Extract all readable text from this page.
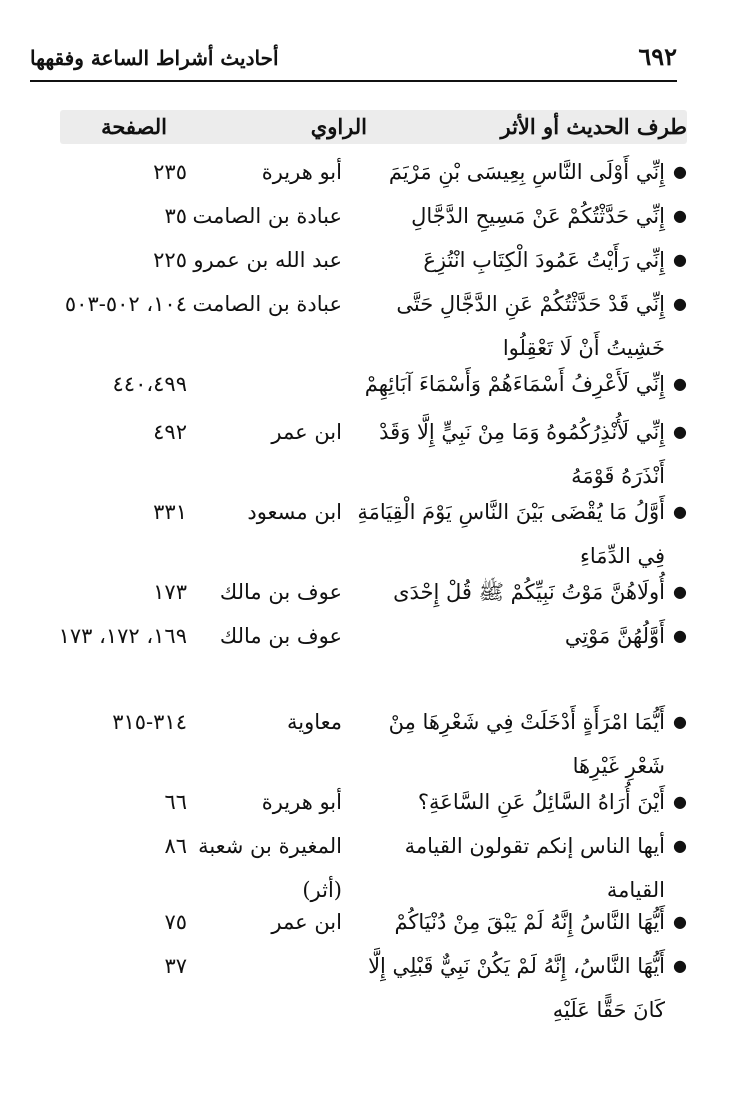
٦٩٢
أحاديث أشراط الساعة وفقهها
طرف الحديث أو الأثر
الراوي
الصفحة
●
إِنِّي أَوْلَى النَّاسِ بِعِيسَى بْنِ مَرْيَمَ
أبو هريرة
٢٣٥
●
إِنِّي حَدَّثْتُكُمْ عَنْ مَسِيحِ الدَّجَّالِ
عبادة بن الصامت
٣٥
●
إِنِّي رَأَيْتُ عَمُودَ الْكِتَابِ انْتُزِعَ
عبد الله بن عمرو
٢٢٥
●
إِنِّي قَدْ حَدَّثْتُكُمْ عَنِ الدَّجَّالِ حَتَّى خَشِيتُ أَنْ لَا تَعْقِلُوا
عبادة بن الصامت
١٠٤، ٥٠٢-٥٠٣
●
إِنِّي لَأَعْرِفُ أَسْمَاءَهُمْ وَأَسْمَاءَ آبَائِهِمْ
٤٤٠،٤٩٩
●
إِنِّي لَأُنْذِرُكُمُوهُ وَمَا مِنْ نَبِيٍّ إِلَّا وَقَدْ أَنْذَرَهُ قَوْمَهُ
ابن عمر
٤٩٢
●
أَوَّلُ مَا يُقْضَى بَيْنَ النَّاسِ يَوْمَ الْقِيَامَةِ فِي الدِّمَاءِ
ابن مسعود
٣٣١
●
أُولَاهُنَّ مَوْتُ نَبِيِّكُمْ ﷺ قُلْ إِحْدَى
عوف بن مالك
١٧٣
●
أَوَّلُهُنَّ مَوْتِي
عوف بن مالك
١٦٩، ١٧٢، ١٧٣
●
أَيُّمَا امْرَأَةٍ أَدْخَلَتْ فِي شَعْرِهَا مِنْ شَعْرِ غَيْرِهَا
معاوية
٣١٤-٣١٥
●
أَيْنَ أُرَاهُ السَّائِلُ عَنِ السَّاعَةِ؟
أبو هريرة
٦٦
●
أيها الناس إنكم تقولون القيامة القيامة
المغيرة بن شعبة (أثر)
٨٦
●
أَيُّهَا النَّاسُ إِنَّهُ لَمْ يَبْقَ مِنْ دُنْيَاكُمْ
ابن عمر
٧٥
●
أَيُّهَا النَّاسُ، إِنَّهُ لَمْ يَكُنْ نَبِيٌّ قَبْلِي إِلَّا كَانَ حَقًّا عَلَيْهِ
٣٧
